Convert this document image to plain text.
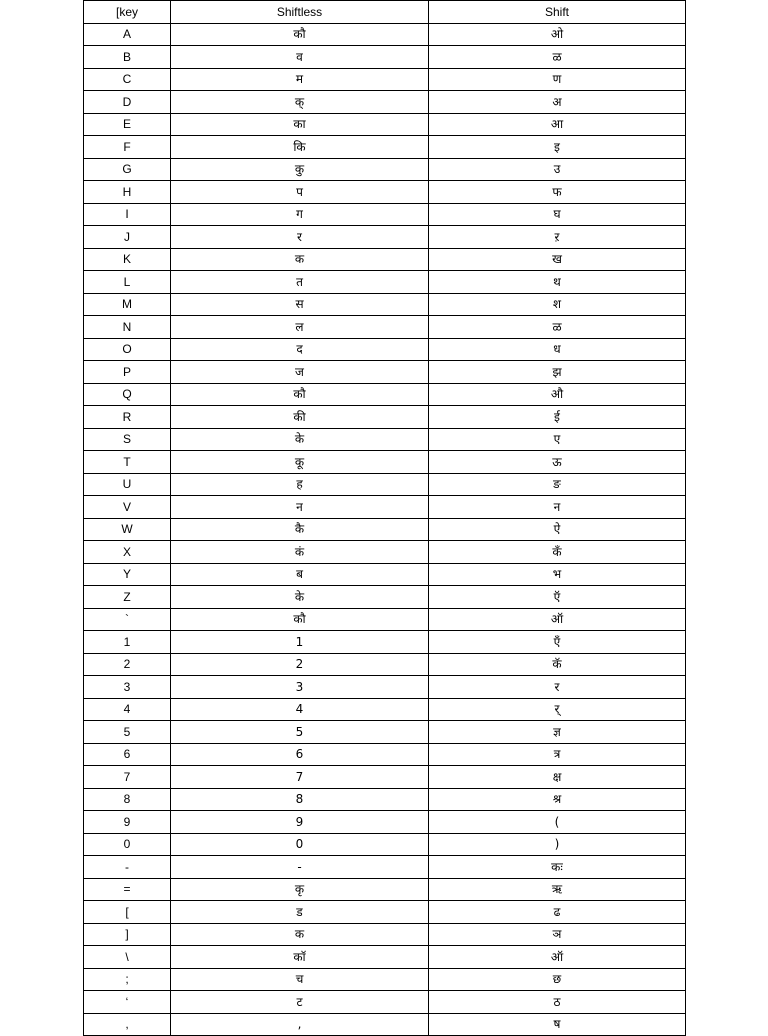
[key	Shiftless	Shift
A	कौ	ओ
B	व	ळ
C	म	ण
D	क्	अ
E	का	आ
F	कि	इ
G	कु	उ
H	प	फ
I	ग	घ
J	र	ऱ
K	क	ख
L	त	थ
M	स	श
N	ल	ळ
O	द	ध
P	ज	झ
Q	कौ	औ
R	की	ई
S	के	ए
T	कू	ऊ
U	ह	ङ
V	न	न
W	कै	ऐ
X	कं	कँ
Y	ब	भ
Z	के	ऍ
`	कौ	ऑ
1	1	ऍं
2	2	कॅ
3	3	र
4	4	र्
5	5	ज्ञ
6	6	त्र
7	7	क्ष
8	8	श्र
9	9	(
0	0	)
-	-	कः
=	कृ	ऋ
[	ड	ढ
]	क	ञ
\	कॉ	ऑ
;	च	छ
‘	ट	ठ
,	,	ष
